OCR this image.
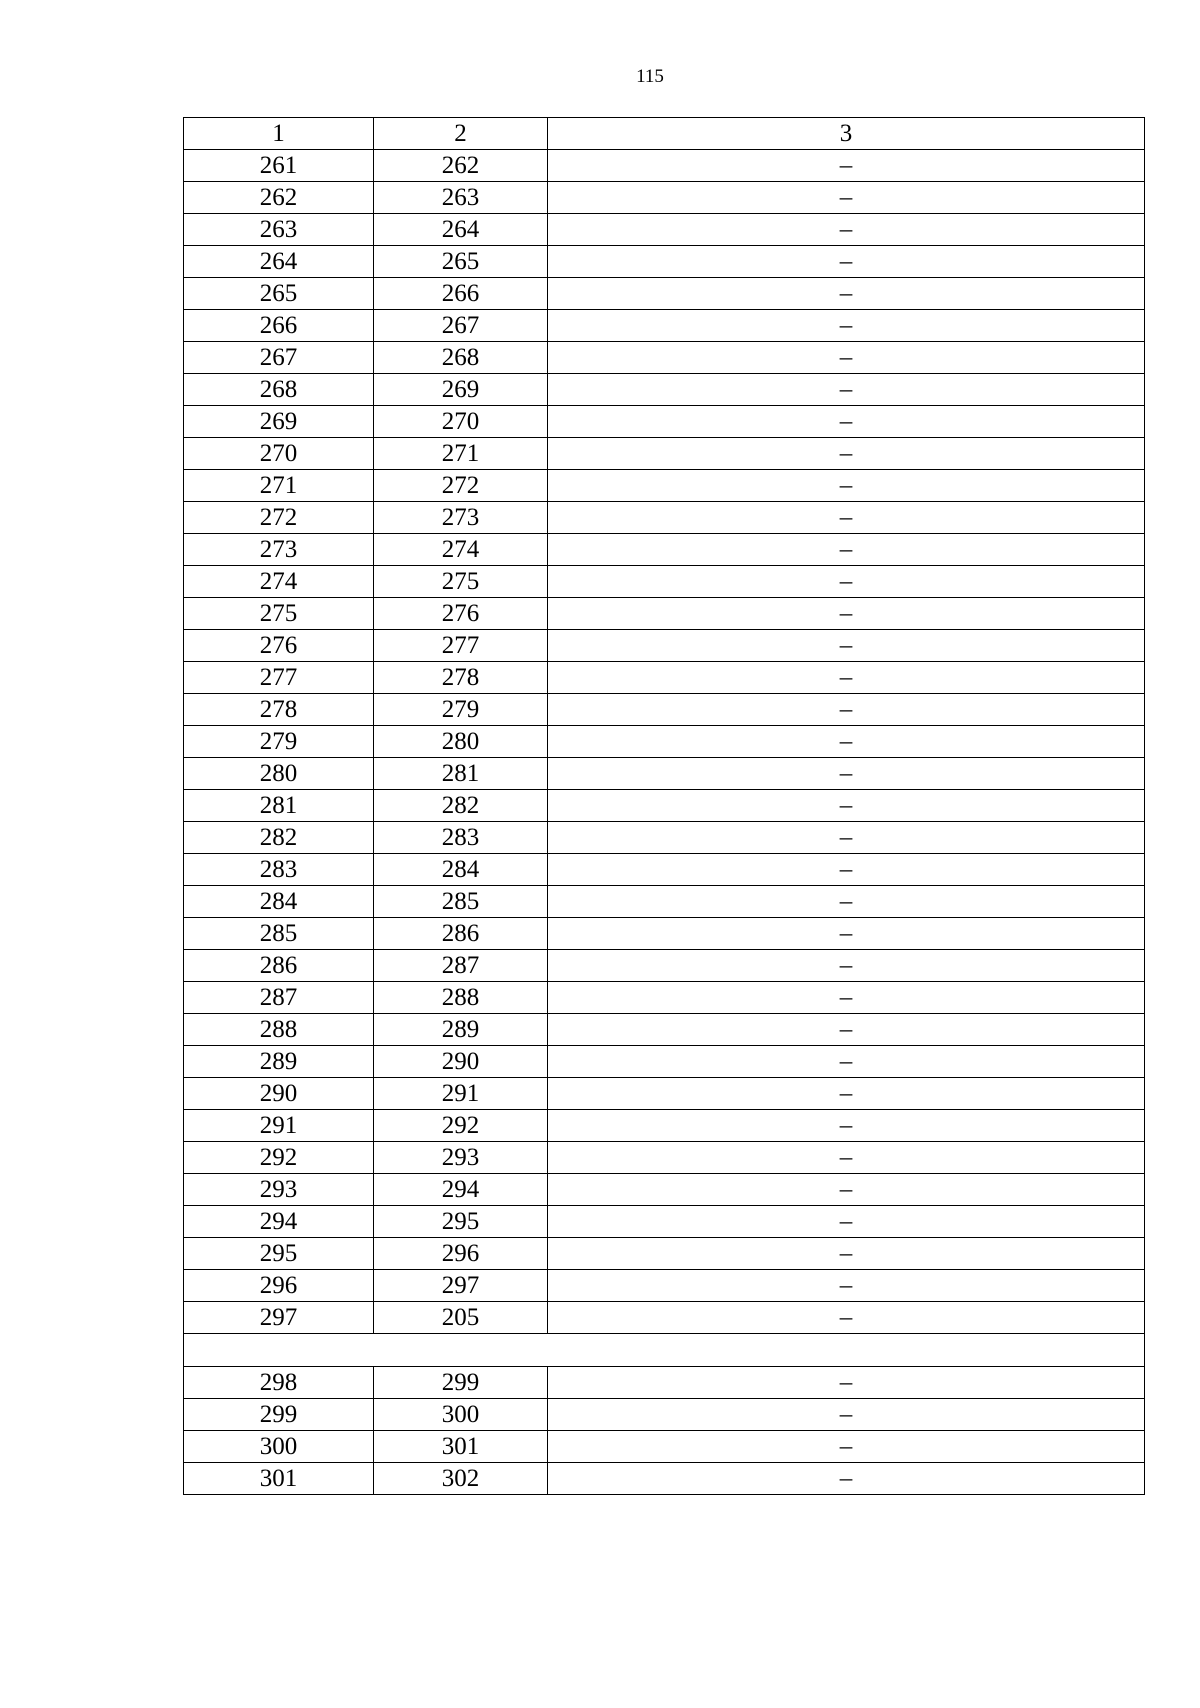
115
1	2	3
261	262	–
262	263	–
263	264	–
264	265	–
265	266	–
266	267	–
267	268	–
268	269	–
269	270	–
270	271	–
271	272	–
272	273	–
273	274	–
274	275	–
275	276	–
276	277	–
277	278	–
278	279	–
279	280	–
280	281	–
281	282	–
282	283	–
283	284	–
284	285	–
285	286	–
286	287	–
287	288	–
288	289	–
289	290	–
290	291	–
291	292	–
292	293	–
293	294	–
294	295	–
295	296	–
296	297	–
297	205	–

298	299	–
299	300	–
300	301	–
301	302	–
